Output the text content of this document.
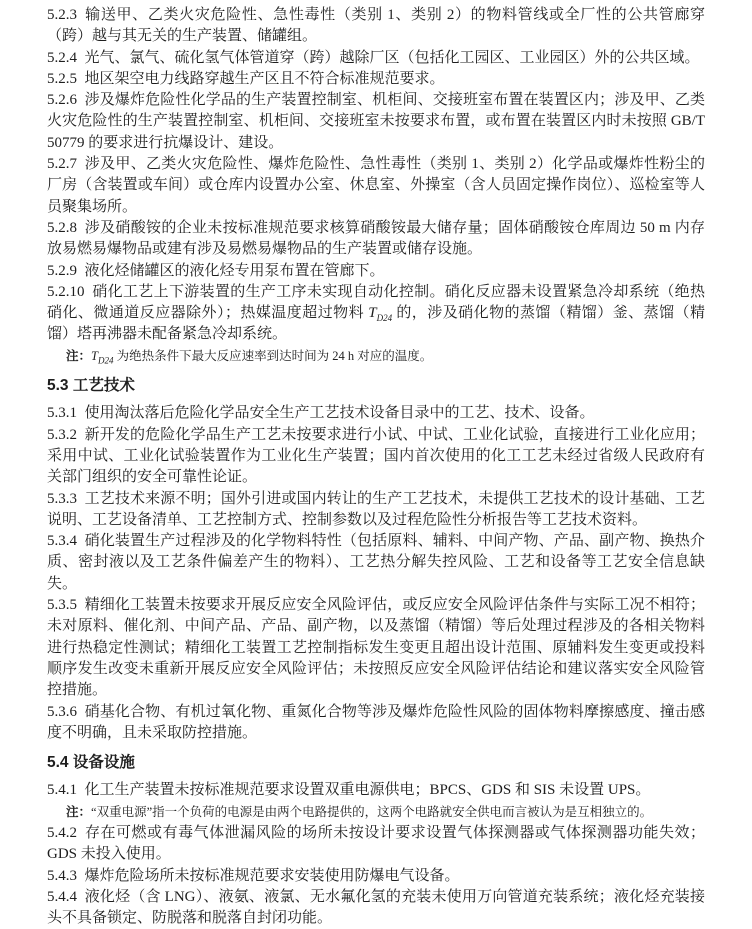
5.2.3  输送甲、乙类火灾危险性、急性毒性（类别 1、类别 2）的物料管线或全厂性的公共管廊穿（跨）越与其无关的生产装置、储罐组。

5.2.4  光气、氯气、硫化氢气体管道穿（跨）越除厂区（包括化工园区、工业园区）外的公共区域。

5.2.5  地区架空电力线路穿越生产区且不符合标准规范要求。

5.2.6  涉及爆炸危险性化学品的生产装置控制室、机柜间、交接班室布置在装置区内；涉及甲、乙类火灾危险性的生产装置控制室、机柜间、交接班室未按要求布置，或布置在装置区内时未按照 GB/T 50779 的要求进行抗爆设计、建设。

5.2.7  涉及甲、乙类火灾危险性、爆炸危险性、急性毒性（类别 1、类别 2）化学品或爆炸性粉尘的厂房（含装置或车间）或仓库内设置办公室、休息室、外操室（含人员固定操作岗位）、巡检室等人员聚集场所。

5.2.8  涉及硝酸铵的企业未按标准规范要求核算硝酸铵最大储存量；固体硝酸铵仓库周边 50 m 内存放易燃易爆物品或建有涉及易燃易爆物品的生产装置或储存设施。

5.2.9  液化烃储罐区的液化烃专用泵布置在管廊下。

5.2.10  硝化工艺上下游装置的生产工序未实现自动化控制。硝化反应器未设置紧急冷却系统（绝热硝化、微通道反应器除外）；热媒温度超过物料 $T_{D24}$ 的，涉及硝化物的蒸馏（精馏）釜、蒸馏（精馏）塔再沸器未配备紧急冷却系统。

注：$T_{D24}$ 为绝热条件下最大反应速率到达时间为 24 h 对应的温度。

5.3 工艺技术

5.3.1  使用淘汰落后危险化学品安全生产工艺技术设备目录中的工艺、技术、设备。

5.3.2  新开发的危险化学品生产工艺未按要求进行小试、中试、工业化试验，直接进行工业化应用；采用中试、工业化试验装置作为工业化生产装置；国内首次使用的化工工艺未经过省级人民政府有关部门组织的安全可靠性论证。

5.3.3  工艺技术来源不明；国外引进或国内转让的生产工艺技术，未提供工艺技术的设计基础、工艺说明、工艺设备清单、工艺控制方式、控制参数以及过程危险性分析报告等工艺技术资料。

5.3.4  硝化装置生产过程涉及的化学物料特性（包括原料、辅料、中间产物、产品、副产物、换热介质、密封液以及工艺条件偏差产生的物料）、工艺热分解失控风险、工艺和设备等工艺安全信息缺失。

5.3.5  精细化工装置未按要求开展反应安全风险评估，或反应安全风险评估条件与实际工况不相符；未对原料、催化剂、中间产品、产品、副产物，以及蒸馏（精馏）等后处理过程涉及的各相关物料进行热稳定性测试；精细化工装置工艺控制指标发生变更且超出设计范围、原辅料发生变更或投料顺序发生改变未重新开展反应安全风险评估；未按照反应安全风险评估结论和建议落实安全风险管控措施。

5.3.6  硝基化合物、有机过氧化物、重氮化合物等涉及爆炸危险性风险的固体物料摩擦感度、撞击感度不明确，且未采取防控措施。

5.4 设备设施

5.4.1  化工生产装置未按标准规范要求设置双重电源供电；BPCS、GDS 和 SIS 未设置 UPS。

注：“双重电源”指一个负荷的电源是由两个电路提供的，这两个电路就安全供电而言被认为是互相独立的。

5.4.2  存在可燃或有毒气体泄漏风险的场所未按设计要求设置气体探测器或气体探测器功能失效；GDS 未投入使用。

5.4.3  爆炸危险场所未按标准规范要求安装使用防爆电气设备。

5.4.4  液化烃（含 LNG）、液氨、液氯、无水氟化氢的充装未使用万向管道充装系统；液化烃充装接头不具备锁定、防脱落和脱落自封闭功能。
